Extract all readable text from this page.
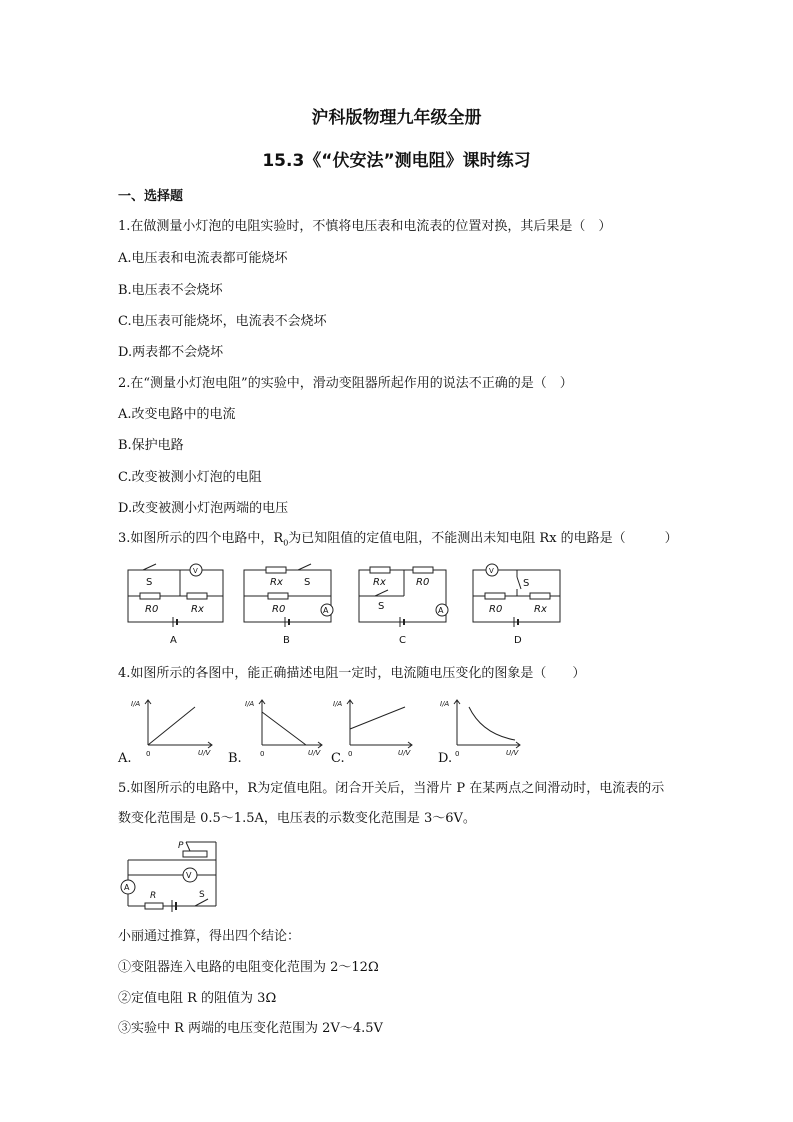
沪科版物理九年级全册
15.3《“伏安法”测电阻》课时练习
一、选择题
1.在做测量小灯泡的电阻实验时，不慎将电压表和电流表的位置对换，其后果是（　）
A.电压表和电流表都可能烧坏
B.电压表不会烧坏
C.电压表可能烧坏，电流表不会烧坏
D.两表都不会烧坏
2.在“测量小灯泡电阻”的实验中，滑动变阻器所起作用的说法不正确的是（　）
A.改变电路中的电流
B.保护电路
C.改变被测小灯泡的电阻
D.改变被测小灯泡两端的电压
3.如图所示的四个电路中，$R_0$为已知阻值的定值电阻，不能测出未知电阻 Rx 的电路是（　　　）
S
V
R0	Rx
A
Rx S
R0	A
B
Rx	R0
S	A
C
V
S
R0	Rx
D
I/A
U/V
0
I/A
U/V
0
I/A
U/V
0
I/A
U/V
0
P
V
A
R	S
4.如图所示的各图中，能正确描述电阻一定时，电流随电压变化的图象是（　　）
A.	B.	C.	D.
5.如图所示的电路中，R为定值电阻。闭合开关后，当滑片 P 在某两点之间滑动时，电流表的示
数变化范围是 0.5～1.5A，电压表的示数变化范围是 3～6V。
小丽通过推算，得出四个结论：
①变阻器连入电路的电阻变化范围为 2～12Ω
②定值电阻 R 的阻值为 3Ω
③实验中 R 两端的电压变化范围为 2V～4.5V
